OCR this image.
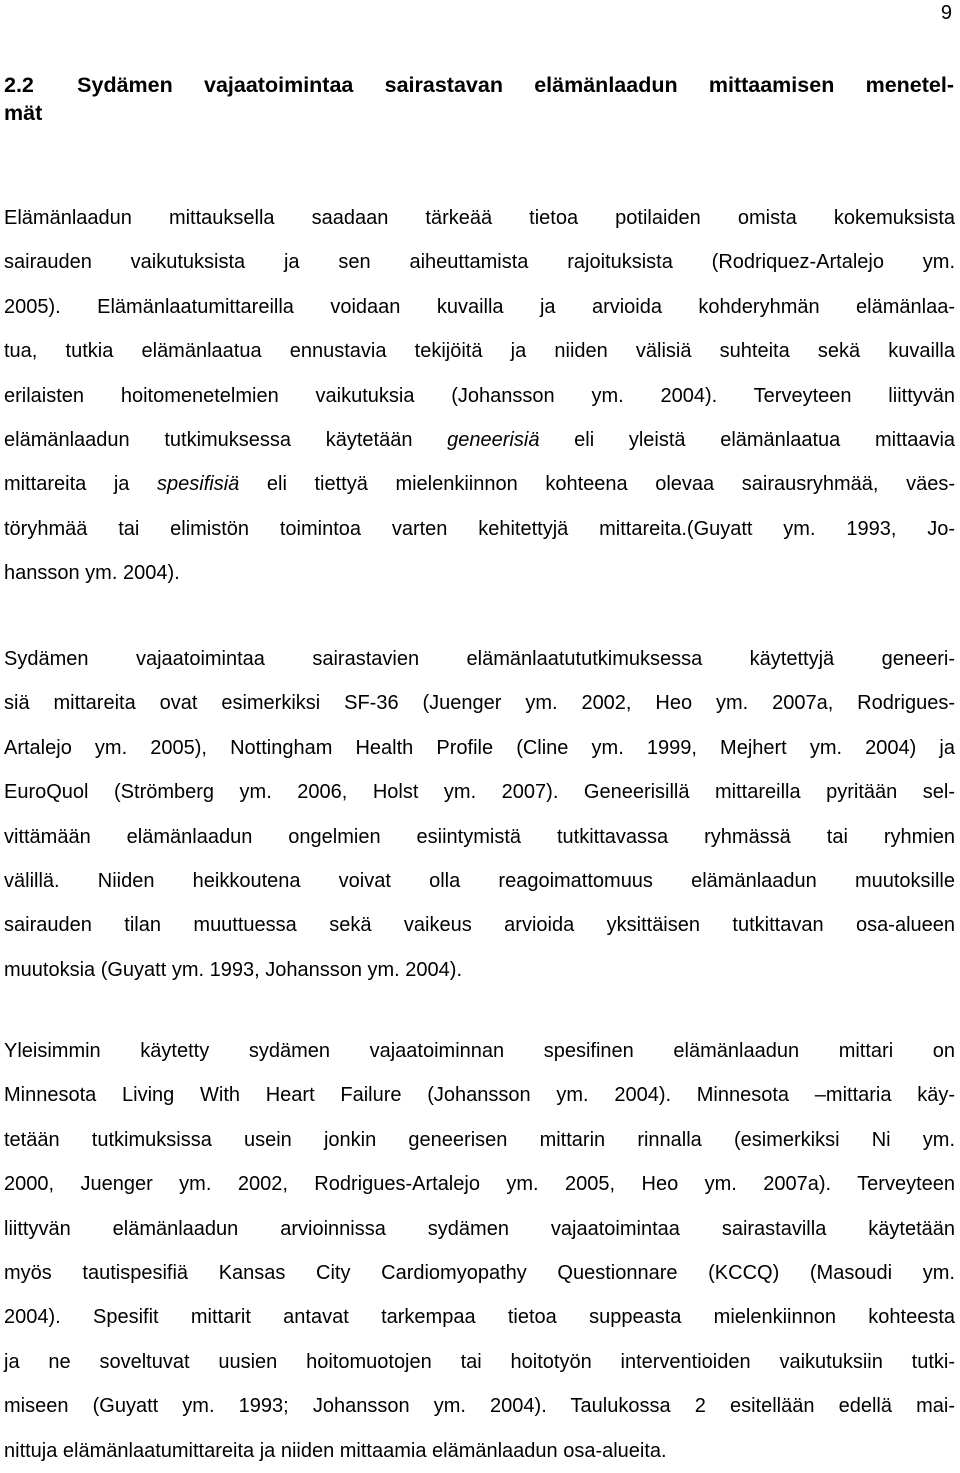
9
2.2 Sydämen vajaatoimintaa sairastavan elämänlaadun mittaamisen menetel-
mät
Elämänlaadun mittauksella saadaan tärkeää tietoa potilaiden omista kokemuksista
sairauden vaikutuksista ja sen aiheuttamista rajoituksista (Rodriquez-Artalejo ym.
2005). Elämänlaatumittareilla voidaan kuvailla ja arvioida kohderyhmän elämänlaa-
tua, tutkia elämänlaatua ennustavia tekijöitä ja niiden välisiä suhteita sekä kuvailla
erilaisten hoitomenetelmien vaikutuksia (Johansson ym. 2004). Terveyteen liittyvän
elämänlaadun tutkimuksessa käytetään geneerisiä eli yleistä elämänlaatua mittaavia
mittareita ja spesifisiä eli tiettyä mielenkiinnon kohteena olevaa sairausryhmää, väes-
töryhmää tai elimistön toimintoa varten kehitettyjä mittareita.(Guyatt ym. 1993, Jo-
hansson ym. 2004).
Sydämen vajaatoimintaa sairastavien elämänlaatututkimuksessa käytettyjä geneeri-
siä mittareita ovat esimerkiksi SF-36 (Juenger ym. 2002, Heo ym. 2007a, Rodrigues-
Artalejo ym. 2005), Nottingham Health Profile (Cline ym. 1999, Mejhert ym. 2004) ja
EuroQuol (Strömberg ym. 2006, Holst ym. 2007). Geneerisillä mittareilla pyritään sel-
vittämään elämänlaadun ongelmien esiintymistä tutkittavassa ryhmässä tai ryhmien
välillä. Niiden heikkoutena voivat olla reagoimattomuus elämänlaadun muutoksille
sairauden tilan muuttuessa sekä vaikeus arvioida yksittäisen tutkittavan osa-alueen
muutoksia (Guyatt ym. 1993, Johansson ym. 2004).
Yleisimmin käytetty sydämen vajaatoiminnan spesifinen elämänlaadun mittari on
Minnesota Living With Heart Failure (Johansson ym. 2004). Minnesota –mittaria käy-
tetään tutkimuksissa usein jonkin geneerisen mittarin rinnalla (esimerkiksi Ni ym.
2000, Juenger ym. 2002, Rodrigues-Artalejo ym. 2005, Heo ym. 2007a). Terveyteen
liittyvän elämänlaadun arvioinnissa sydämen vajaatoimintaa sairastavilla käytetään
myös tautispesifiä Kansas City Cardiomyopathy Questionnare (KCCQ) (Masoudi ym.
2004). Spesifit mittarit antavat tarkempaa tietoa suppeasta mielenkiinnon kohteesta
ja ne soveltuvat uusien hoitomuotojen tai hoitotyön interventioiden vaikutuksiin tutki-
miseen (Guyatt ym. 1993; Johansson ym. 2004). Taulukossa 2 esitellään edellä mai-
nittuja elämänlaatumittareita ja niiden mittaamia elämänlaadun osa-alueita.
